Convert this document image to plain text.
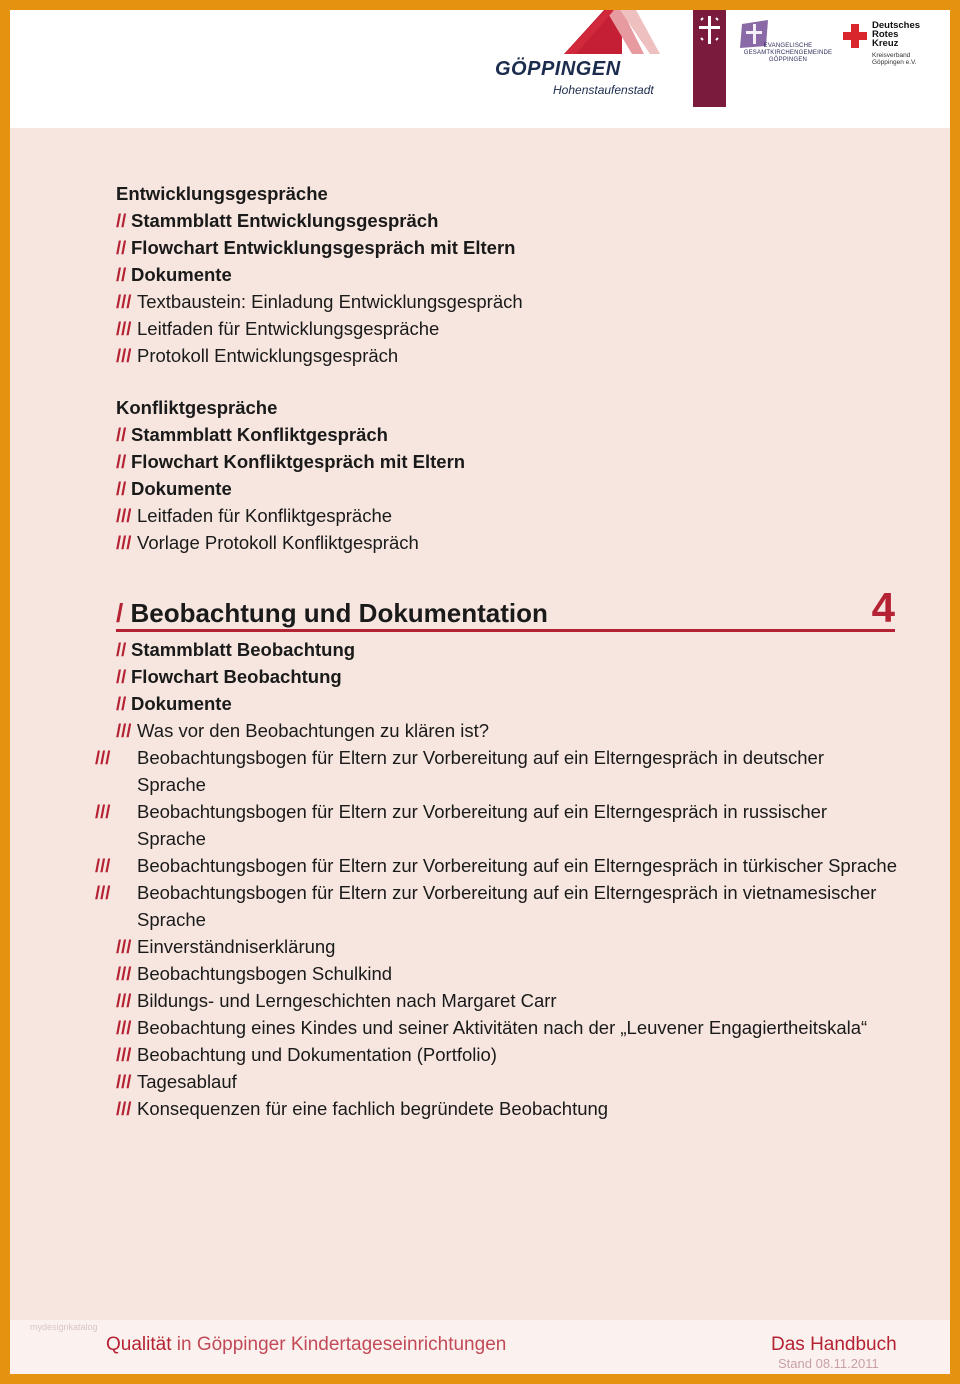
GÖPPINGEN
Hohenstaufenstadt
EVANGELISCHE GESAMTKIRCHENGEMEINDE GÖPPINGEN
Deutsches
Rotes
Kreuz
Kreisverband
Göppingen e.V.
Entwicklungsgespräche
// Stammblatt Entwicklungsgespräch
// Flowchart Entwicklungsgespräch mit Eltern
// Dokumente
/// Textbaustein: Einladung Entwicklungsgespräch
/// Leitfaden für Entwicklungsgespräche
/// Protokoll Entwicklungsgespräch
Konfliktgespräche
// Stammblatt Konfliktgespräch
// Flowchart Konfliktgespräch mit Eltern
// Dokumente
/// Leitfaden für Konfliktgespräche
/// Vorlage Protokoll Konfliktgespräch
/ Beobachtung und Dokumentation	4
// Stammblatt Beobachtung
// Flowchart Beobachtung
// Dokumente
/// Was vor den Beobachtungen zu klären ist?
/// Beobachtungsbogen für Eltern zur Vorbereitung auf ein Elterngespräch in deutscher Sprache
/// Beobachtungsbogen für Eltern zur Vorbereitung auf ein Elterngespräch in russischer Sprache
/// Beobachtungsbogen für Eltern zur Vorbereitung auf ein Elterngespräch in türkischer Sprache
/// Beobachtungsbogen für Eltern zur Vorbereitung auf ein Elterngespräch in vietnamesischer Sprache
/// Einverständniserklärung
/// Beobachtungsbogen Schulkind
/// Bildungs- und Lerngeschichten nach Margaret Carr
/// Beobachtung eines Kindes und seiner Aktivitäten nach der „Leuvener Engagiertheitskala“
/// Beobachtung und Dokumentation (Portfolio)
/// Tagesablauf
/// Konsequenzen für eine fachlich begründete Beobachtung
mydesignkatalog
Qualität in Göppinger Kindertageseinrichtungen	Das Handbuch
Stand 08.11.2011
